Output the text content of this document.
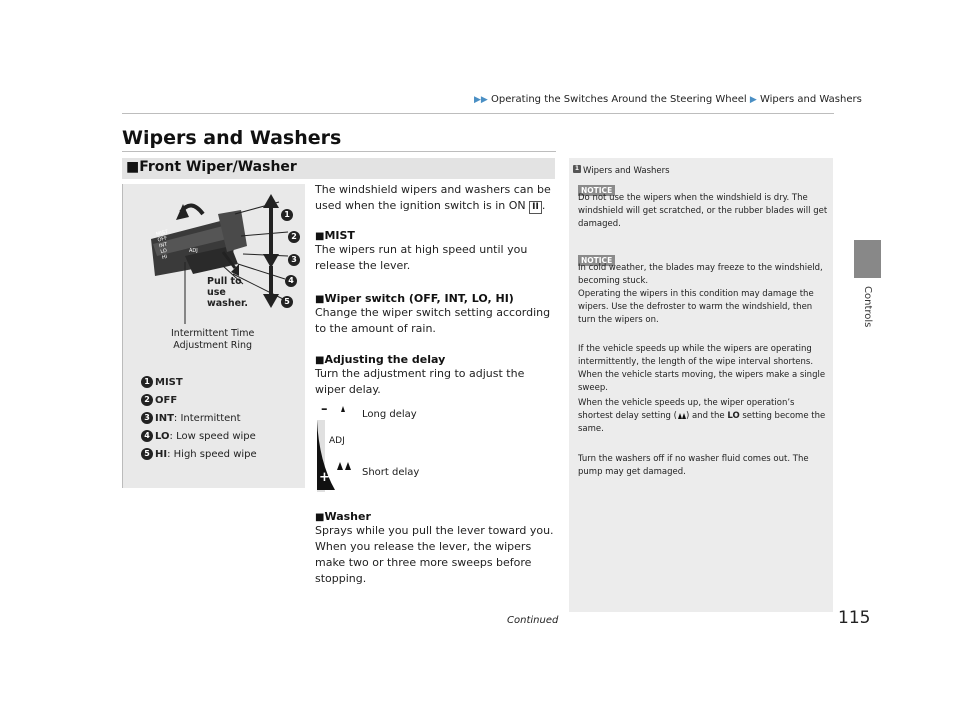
▶▶ Operating the Switches Around the Steering Wheel ▶ Wipers and Washers
Wipers and Washers
■Front Wiper/Washer
MIST
OFF
INT
LO
HI
ADJ
1
2
3
4
5
Pull to
use
washer.
Intermittent Time
Adjustment Ring
1 MIST
2 OFF
3 INT: Intermittent
4 LO: Low speed wipe
5 HI: High speed wipe
The windshield wipers and washers can be used when the ignition switch is in ON II .
■MIST
The wipers run at high speed until you release the lever.
■Wiper switch (OFF, INT, LO, HI)
Change the wiper switch setting according to the amount of rain.
■Adjusting the delay
Turn the adjustment ring to adjust the wiper delay.
–
ADJ
+
Long delay
Short delay
■Washer
Sprays while you pull the lever toward you. When you release the lever, the wipers make two or three more sweeps before stopping.
1 Wipers and Washers
NOTICE
Do not use the wipers when the windshield is dry. The windshield will get scratched, or the rubber blades will get damaged.
NOTICE
In cold weather, the blades may freeze to the windshield, becoming stuck.
Operating the wipers in this condition may damage the wipers. Use the defroster to warm the windshield, then turn the wipers on.
If the vehicle speeds up while the wipers are operating intermittently, the length of the wipe interval shortens. When the vehicle starts moving, the wipers make a single sweep.
When the vehicle speeds up, the wiper operation’s shortest delay setting ( ) and the LO setting become the same.
Turn the washers off if no washer fluid comes out. The pump may get damaged.
Controls
Continued	115
